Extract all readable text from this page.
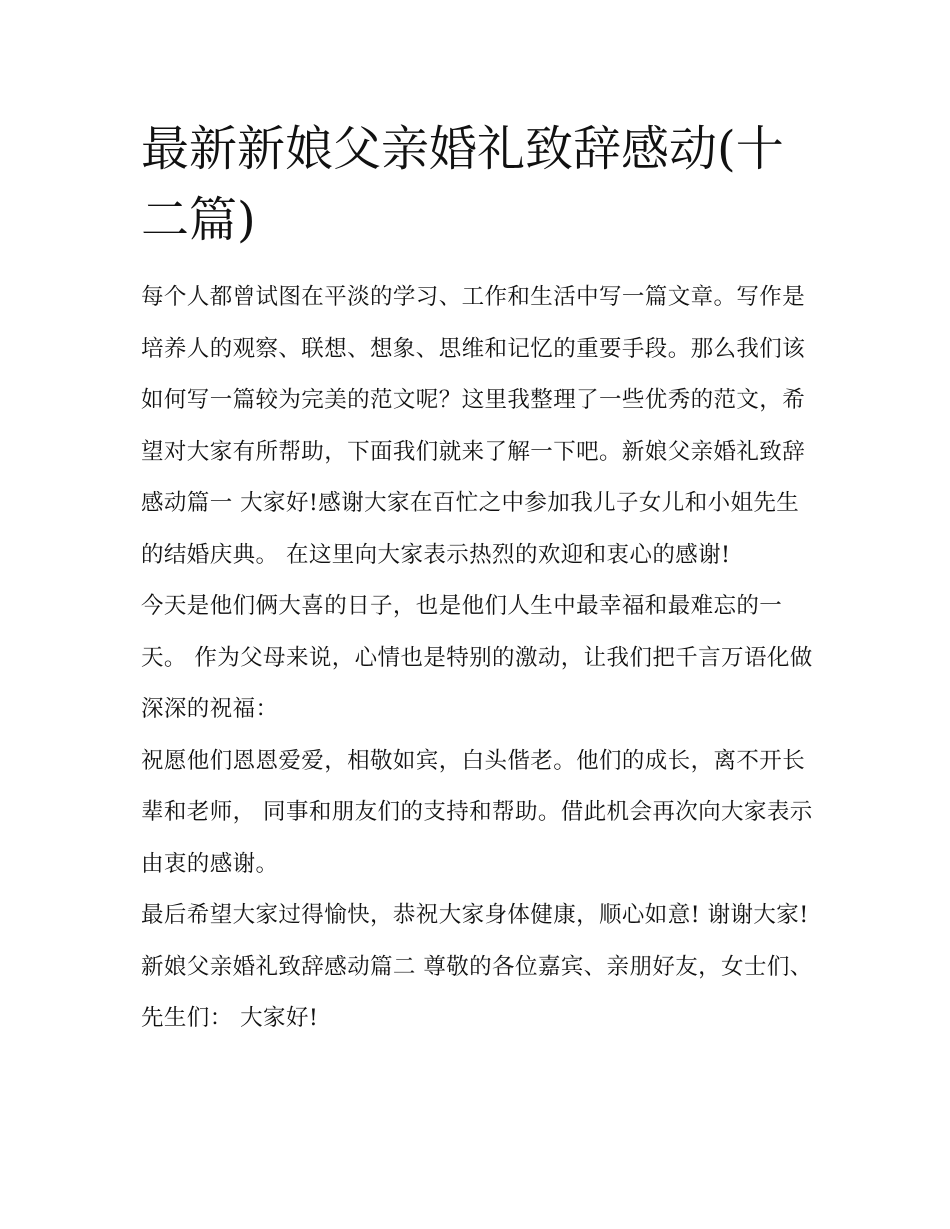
最新新娘父亲婚礼致辞感动(十二篇)

每个人都曾试图在平淡的学习、工作和生活中写一篇文章。写作是培养人的观察、联想、想象、思维和记忆的重要手段。那么我们该如何写一篇较为完美的范文呢？这里我整理了一些优秀的范文，希望对大家有所帮助，下面我们就来了解一下吧。新娘父亲婚礼致辞感动篇一 大家好!感谢大家在百忙之中参加我儿子女儿和小姐先生的结婚庆典。 在这里向大家表示热烈的欢迎和衷心的感谢!

今天是他们俩大喜的日子，也是他们人生中最幸福和最难忘的一天。 作为父母来说，心情也是特别的激动，让我们把千言万语化做深深的祝福：

祝愿他们恩恩爱爱，相敬如宾，白头偕老。他们的成长，离不开长辈和老师， 同事和朋友们的支持和帮助。借此机会再次向大家表示由衷的感谢。

最后希望大家过得愉快，恭祝大家身体健康，顺心如意! 谢谢大家! 新娘父亲婚礼致辞感动篇二 尊敬的各位嘉宾、亲朋好友，女士们、先生们： 大家好!
